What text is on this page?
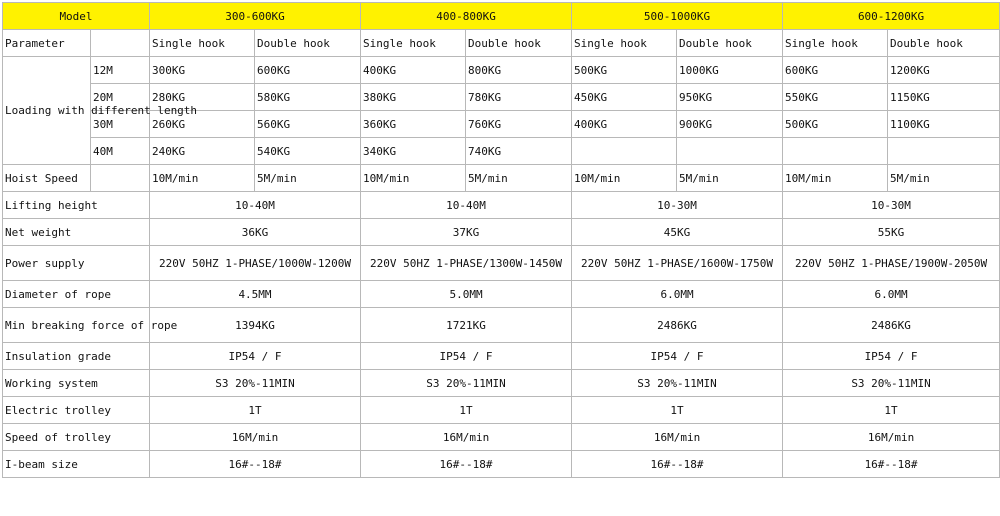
Model		300-600KG		400-800KG		500-1000KG		600-1200KG	
Parameter		Single hook	Double hook	Single hook	Double hook	Single hook	Double hook	Single hook	Double hook
Loading with different length	12M	300KG	600KG	400KG	800KG	500KG	1000KG	600KG	1200KG
	20M	280KG	580KG	380KG	780KG	450KG	950KG	550KG	1150KG
	30M	260KG	560KG	360KG	760KG	400KG	900KG	500KG	1100KG
	40M	240KG	540KG	340KG	740KG				
Hoist Speed		10M/min	5M/min	10M/min	5M/min	10M/min	5M/min	10M/min	5M/min
Lifting height		10-40M		10-40M		10-30M		10-30M	
Net weight		36KG		37KG		45KG		55KG	
Power supply		220V 50HZ 1-PHASE/1000W-1200W		220V 50HZ 1-PHASE/1300W-1450W		220V 50HZ 1-PHASE/1600W-1750W		220V 50HZ 1-PHASE/1900W-2050W	
Diameter of rope		4.5MM		5.0MM		6.0MM		6.0MM	
Min breaking force of rope		1394KG		1721KG		2486KG		2486KG	
Insulation grade		IP54 / F		IP54 / F		IP54 / F		IP54 / F	
Working system		S3 20%-11MIN		S3 20%-11MIN		S3 20%-11MIN		S3 20%-11MIN	
Electric trolley		1T		1T		1T		1T	
Speed of trolley		16M/min		16M/min		16M/min		16M/min	
I-beam size		16#--18#		16#--18#		16#--18#		16#--18#	
